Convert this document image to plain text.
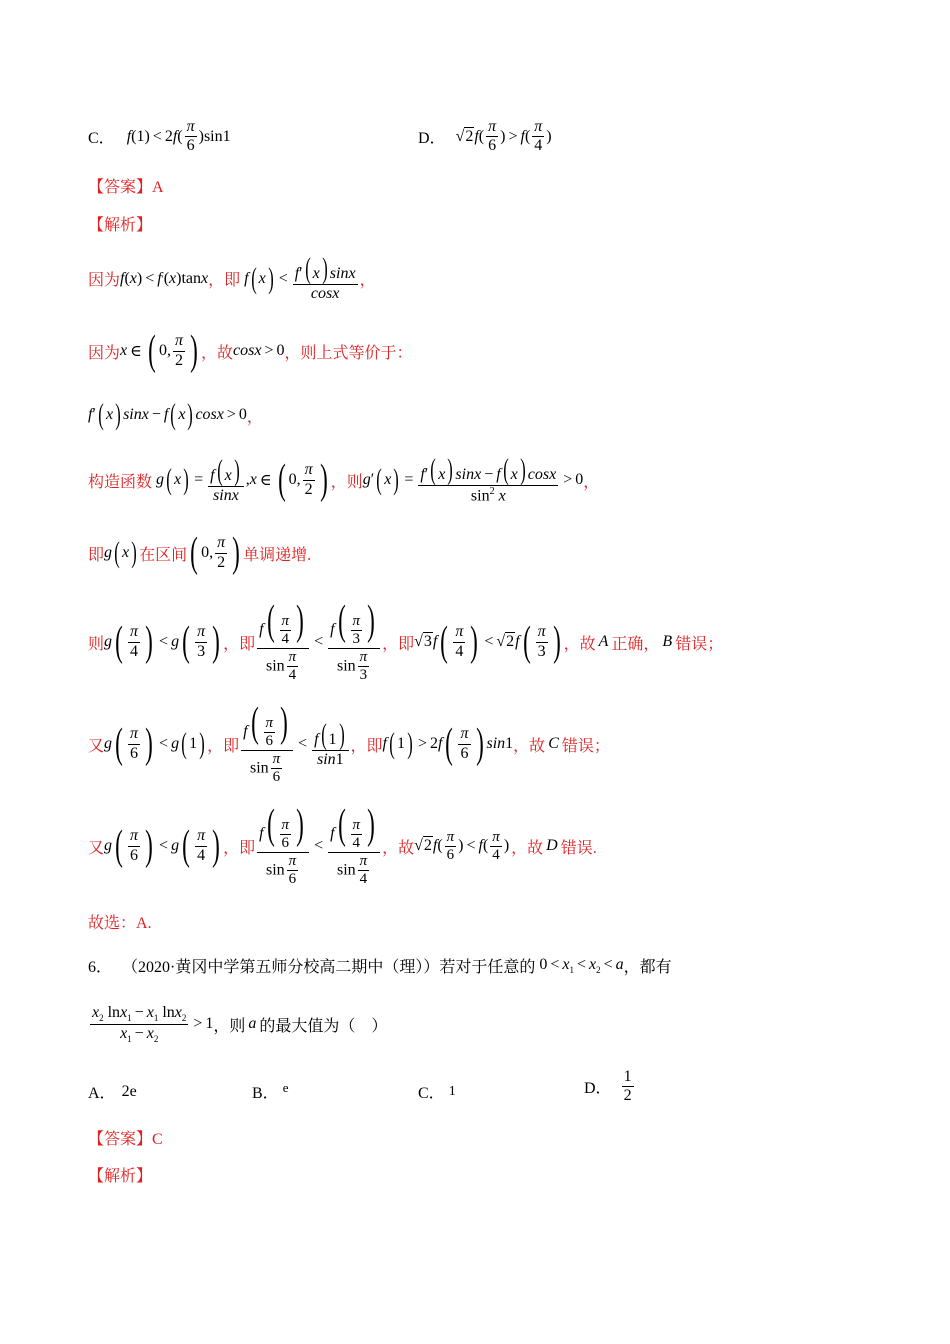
C． f (1) < 2 f ( $\frac{\pi}{6} )\sin 1$	D． √2 f ( $\frac{\pi}{6}$ ) > f ( $\frac{\pi}{4}$ )
【答案】A
【解析】
因为 f ( x ) < f ′ ( x )tan x ，即 f ( x ) < $\frac{f'( x) \sin x}{\cos x}$ ，
因为 x ∈ ( 0, $\frac{\pi}{2}$ ) ，故 cosx > 0 ，则上式等价于：
f ′ ( x ) sinx − f ( x ) cosx > 0 ，
构造函数 g ( x ) = $\frac{f( x)}{\sin x}$ , x ∈ ( 0, $\frac{\pi}{2}$ ) ，则 g ′ ( x ) = $\frac{f'( x) \sin x - f( x) \cos x}{\sin^2 x} > 0$ ，
即 g ( x ) 在区间 ( 0, $\frac{\pi}{2}$ ) 单调递增.
则 g ( $\frac{\pi}{4}$ ) < g ( $\frac{\pi}{3}$ ) ，即 $\frac{f( \frac{\pi}{4} )}{\sin \frac{\pi}{4}} < \frac{f( \frac{\pi}{3} )}{\sin \frac{\pi}{3}}$ ，即 √3 f ( $\frac{\pi}{4}$ ) < √2 f ( $\frac{\pi}{3}$ ) ，故 A 正确， B 错误；
又 g ( $\frac{\pi}{6}$ ) < g ( 1 ) ，即 $\frac{f( \frac{\pi}{6} )}{\sin \frac{\pi}{6}} < \frac{f( 1)}{\sin 1}$ ，即 f ( 1 ) > 2 f ( $\frac{\pi}{6}$ ) sin 1 ，故 C 错误；
又 g ( $\frac{\pi}{6}$ ) < g ( $\frac{\pi}{4}$ ) ，即 $\frac{f( \frac{\pi}{6} )}{\sin \frac{\pi}{6}} < \frac{f( \frac{\pi}{4} )}{\sin \frac{\pi}{4}}$ ，故 √2 f ( $\frac{\pi}{6}$ ) < f ( $\frac{\pi}{4}$ ) ，故 D 错误.
故选：A.
6． （2020·黄冈中学第五师分校高二期中（理））若对于任意的 $0 < x_1 < x_2 < a$ ，都有
$\frac{x_2 \ln x_1 - x_1 \ln x_2}{x_1 - x_2} > 1$ ，则 a 的最大值为（　）
A． 2e	B． e	C． 1	D． $\frac{1}{2}$
【答案】C
【解析】
